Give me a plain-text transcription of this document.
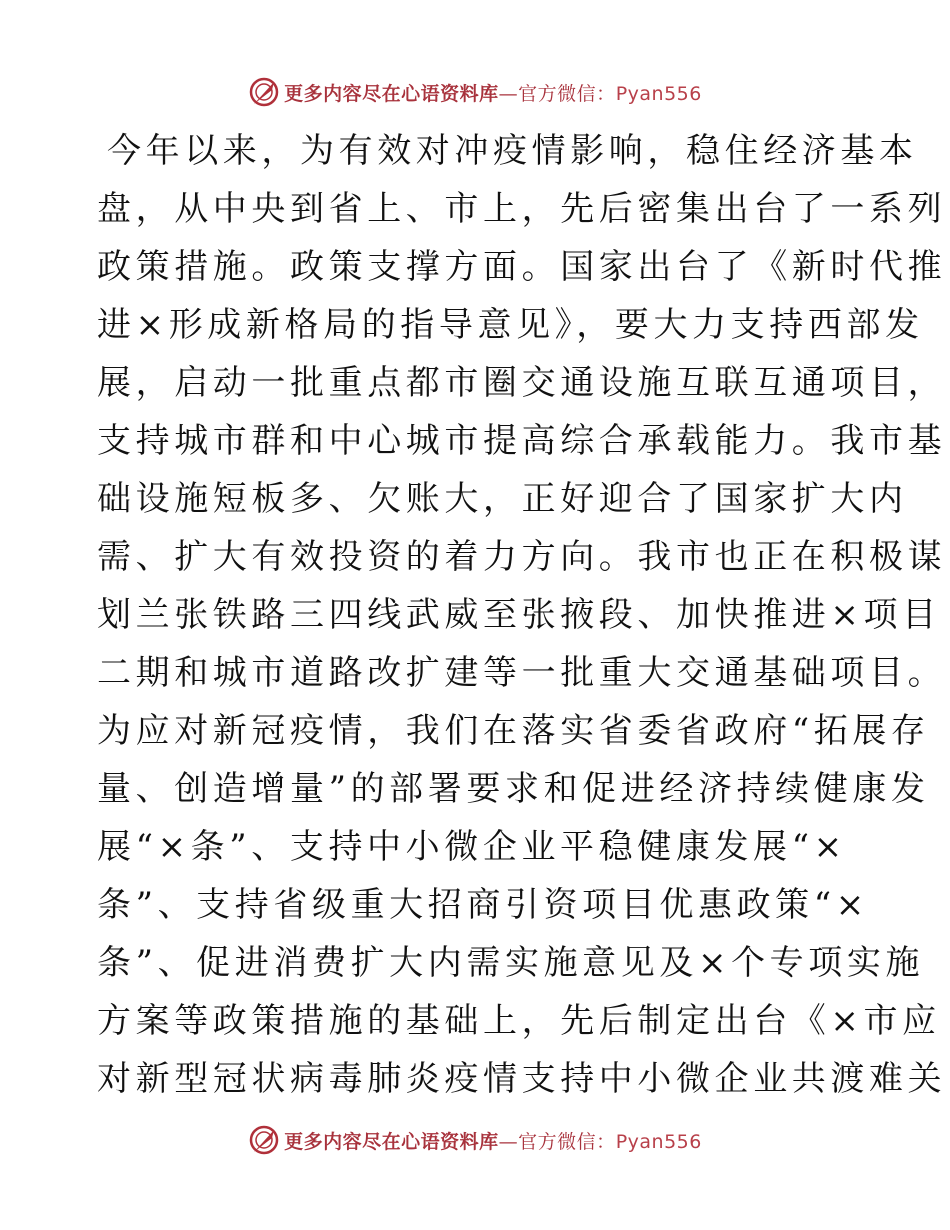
更多内容尽在心语资料库—官方微信：Pyan556
今年以来，为有效对冲疫情影响，稳住经济基本
盘，从中央到省上、市上，先后密集出台了一系列
政策措施。政策支撑方面。国家出台了《新时代推
进×形成新格局的指导意见》，要大力支持西部发
展，启动一批重点都市圈交通设施互联互通项目，
支持城市群和中心城市提高综合承载能力。我市基
础设施短板多、欠账大，正好迎合了国家扩大内
需、扩大有效投资的着力方向。我市也正在积极谋
划兰张铁路三四线武威至张掖段、加快推进×项目
二期和城市道路改扩建等一批重大交通基础项目。
为应对新冠疫情，我们在落实省委省政府“拓展存
量、创造增量”的部署要求和促进经济持续健康发
展“×条”、支持中小微企业平稳健康发展“×
条”、支持省级重大招商引资项目优惠政策“×
条”、促进消费扩大内需实施意见及×个专项实施
方案等政策措施的基础上，先后制定出台《×市应
对新型冠状病毒肺炎疫情支持中小微企业共渡难关
更多内容尽在心语资料库—官方微信：Pyan556
